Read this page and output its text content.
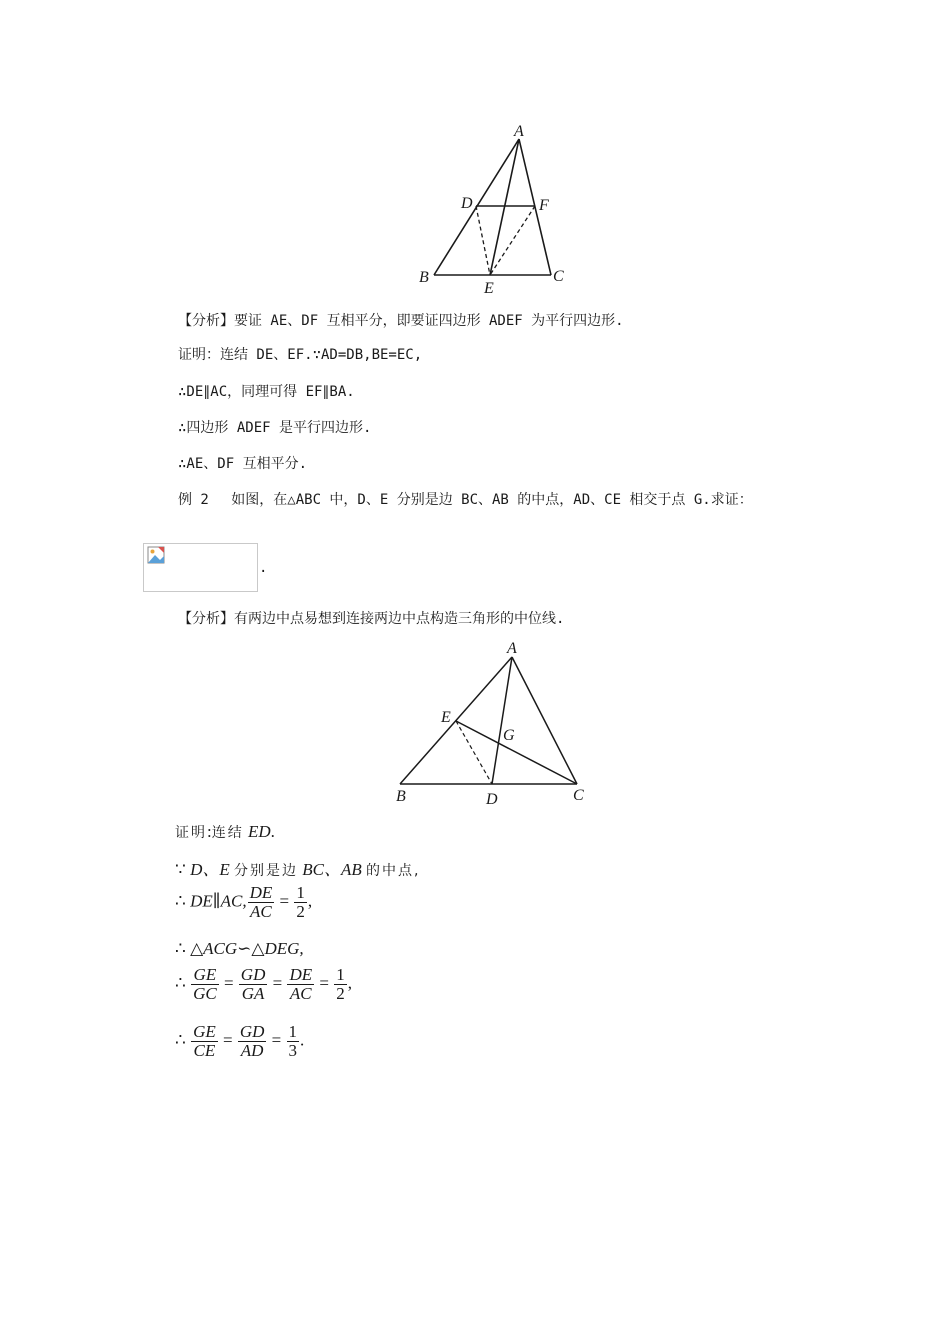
A
D	F
B	C
E
【分析】要证 AE、DF 互相平分，即要证四边形 ADEF 为平行四边形.
证明：连结 DE、EF.∵AD=DB,BE=EC,
∴DE∥AC，同理可得 EF∥BA.
∴四边形 ADEF 是平行四边形.
∴AE、DF 互相平分.
例 2　 如图，在△ABC 中，D、E 分别是边 BC、AB 的中点，AD、CE 相交于点 G.求证：
.
【分析】有两边中点易想到连接两边中点构造三角形的中位线.
A
E
G
B	D	C
证明:连结 ED.
∵ D、E 分别是边 BC、AB 的中点,
∴ DE∥AC, $\frac{DE}{AC} = \frac{1}{2}$ ,
∴ △ACG∽△DEG,
∴ $\frac{GE}{GC} = \frac{GD}{GA} = \frac{DE}{AC} = \frac{1}{2}$ ,
∴ $\frac{GE}{CE} = \frac{GD}{AD} = \frac{1}{3}$ .
